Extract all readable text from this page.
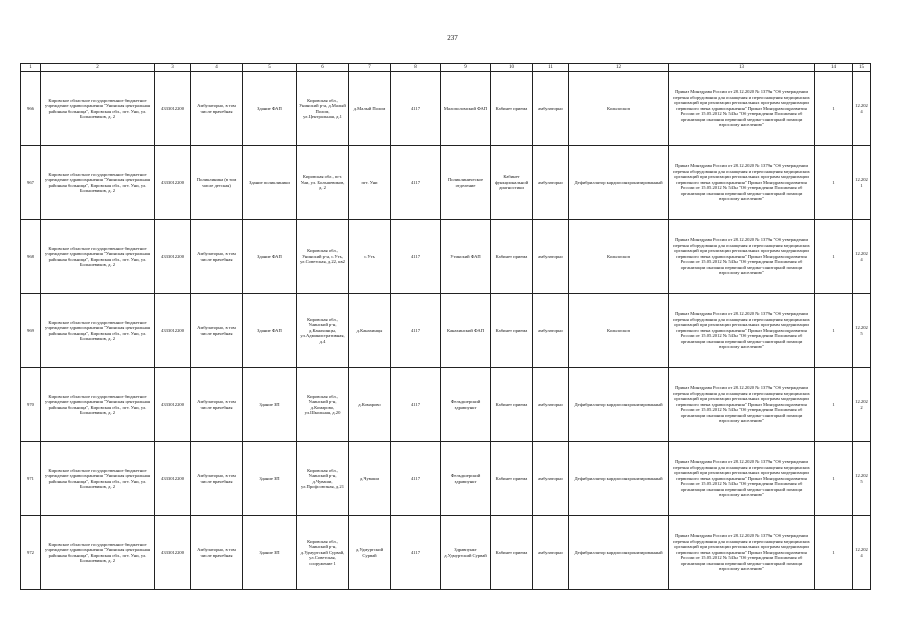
237
1	2	3	4	5	6	7	8	9	10	11	12	13	14	15
966	Кировское областное государственное бюджетное учреждение здравоохранения "Унинская центральная районная больница", Кировская обл., пгт. Уни, ул. Большевиков, д. 2	4333012200	Амбулаторно, в том числе врачебная	Здание ФАП	Кировская обл., Унинский р-н, д.Малый Полом, ул.Центральная, д.1	д.Малый Полом	4117	Малополомский ФАП	Кабинет приема	амбулаторно	Кольпоскоп	Приказ Минздрава России от 28.12.2020 № 1379н "Об утверждении перечня оборудования для оснащения и переоснащения медицинских организаций при реализации региональных программ модернизации первичного звена здравоохранения" Приказ Минздравсоцразвития России от 15.05.2012 № 543н "Об утверждении Положения об организации оказания первичной медико-санитарной помощи взрослому населению"	1	12.2024
967	Кировское областное государственное бюджетное учреждение здравоохранения "Унинская центральная районная больница", Кировская обл., пгт. Уни, ул. Большевиков, д. 2	4333012200	Поликлиника (в том числе детская)	Здание поликлиники	Кировская обл., пгт. Уни, ул. Большевиков, д. 2	пгт. Уни	4117	Поликлиническое отделение	Кабинет функциональной диагностики	амбулаторно	Дефибриллятор кардиосинхронизированный	Приказ Минздрава России от 28.12.2020 № 1379н "Об утверждении перечня оборудования для оснащения и переоснащения медицинских организаций при реализации региональных программ модернизации первичного звена здравоохранения" Приказ Минздравсоцразвития России от 15.05.2012 № 543н "Об утверждении Положения об организации оказания первичной медико-санитарной помощи взрослому населению"	1	12.2021
968	Кировское областное государственное бюджетное учреждение здравоохранения "Унинская центральная районная больница", Кировская обл., пгт. Уни, ул. Большевиков, д. 2	4333012200	Амбулаторно, в том числе врачебная	Здание ФАП	Кировская обл., Унинский р-н, с.Уть, ул.Советская, д.22, кв2	с.Уть	4117	Утинский ФАП	Кабинет приема	амбулаторно	Кольпоскоп	Приказ Минздрава России от 28.12.2020 № 1379н "Об утверждении перечня оборудования для оснащения и переоснащения медицинских организаций при реализации региональных программ модернизации первичного звена здравоохранения" Приказ Минздравсоцразвития России от 15.05.2012 № 543н "Об утверждении Положения об организации оказания первичной медико-санитарной помощи взрослому населению"	1	12.2024
969	Кировское областное государственное бюджетное учреждение здравоохранения "Унинская центральная районная больница", Кировская обл., пгт. Уни, ул. Большевиков, д. 2	4333012200	Амбулаторно, в том числе врачебная	Здание ФАП	Кировская обл., Унинский р-н, д.Канахинцы, ул.Административная, д.4	д.Канахинцы	4117	Канахинский ФАП	Кабинет приема	амбулаторно	Кольпоскоп	Приказ Минздрава России от 28.12.2020 № 1379н "Об утверждении перечня оборудования для оснащения и переоснащения медицинских организаций при реализации региональных программ модернизации первичного звена здравоохранения" Приказ Минздравсоцразвития России от 15.05.2012 № 543н "Об утверждении Положения об организации оказания первичной медико-санитарной помощи взрослому населению"	1	12.2025
970	Кировское областное государственное бюджетное учреждение здравоохранения "Унинская центральная районная больница", Кировская обл., пгт. Уни, ул. Большевиков, д. 2	4333012200	Амбулаторно, в том числе врачебная	Здание ЗП	Кировская обл., Унинский р-н, д.Комарово, ул.Школьная, д.20	д.Комарово	4117	Фельдшерский здравпункт	Кабинет приема	амбулаторно	Дефибриллятор кардиосинхронизированный	Приказ Минздрава России от 28.12.2020 № 1379н "Об утверждении перечня оборудования для оснащения и переоснащения медицинских организаций при реализации региональных программ модернизации первичного звена здравоохранения" Приказ Минздравсоцразвития России от 15.05.2012 № 543н "Об утверждении Положения об организации оказания первичной медико-санитарной помощи взрослому населению"	1	12.2022
971	Кировское областное государственное бюджетное учреждение здравоохранения "Унинская центральная районная больница", Кировская обл., пгт. Уни, ул. Большевиков, д. 2	4333012200	Амбулаторно, в том числе врачебная	Здание ЗП	Кировская обл., Унинский р-н, д.Чуваши, ул.Профсоюзная, д.21	д.Чуваши	4117	Фельдшерский здравпункт	Кабинет приема	амбулаторно	Дефибриллятор кардиосинхронизированный	Приказ Минздрава России от 28.12.2020 № 1379н "Об утверждении перечня оборудования для оснащения и переоснащения медицинских организаций при реализации региональных программ модернизации первичного звена здравоохранения" Приказ Минздравсоцразвития России от 15.05.2012 № 543н "Об утверждении Положения об организации оказания первичной медико-санитарной помощи взрослому населению"	1	12.2025
972	Кировское областное государственное бюджетное учреждение здравоохранения "Унинская центральная районная больница", Кировская обл., пгт. Уни, ул. Большевиков, д. 2	4333012200	Амбулаторно, в том числе врачебная	Здание ЗП	Кировская обл., Унинский р-н, д.Удмуртский Сурвай, ул.Советская, сооружение 1	д.Удмуртский Сурвай	4117	Здравпункт д.Удмуртский Сурвай	Кабинет приема	амбулаторно	Дефибриллятор кардиосинхронизированный	Приказ Минздрава России от 28.12.2020 № 1379н "Об утверждении перечня оборудования для оснащения и переоснащения медицинских организаций при реализации региональных программ модернизации первичного звена здравоохранения" Приказ Минздравсоцразвития России от 15.05.2012 № 543н "Об утверждении Положения об организации оказания первичной медико-санитарной помощи взрослому населению"	1	12.2024
